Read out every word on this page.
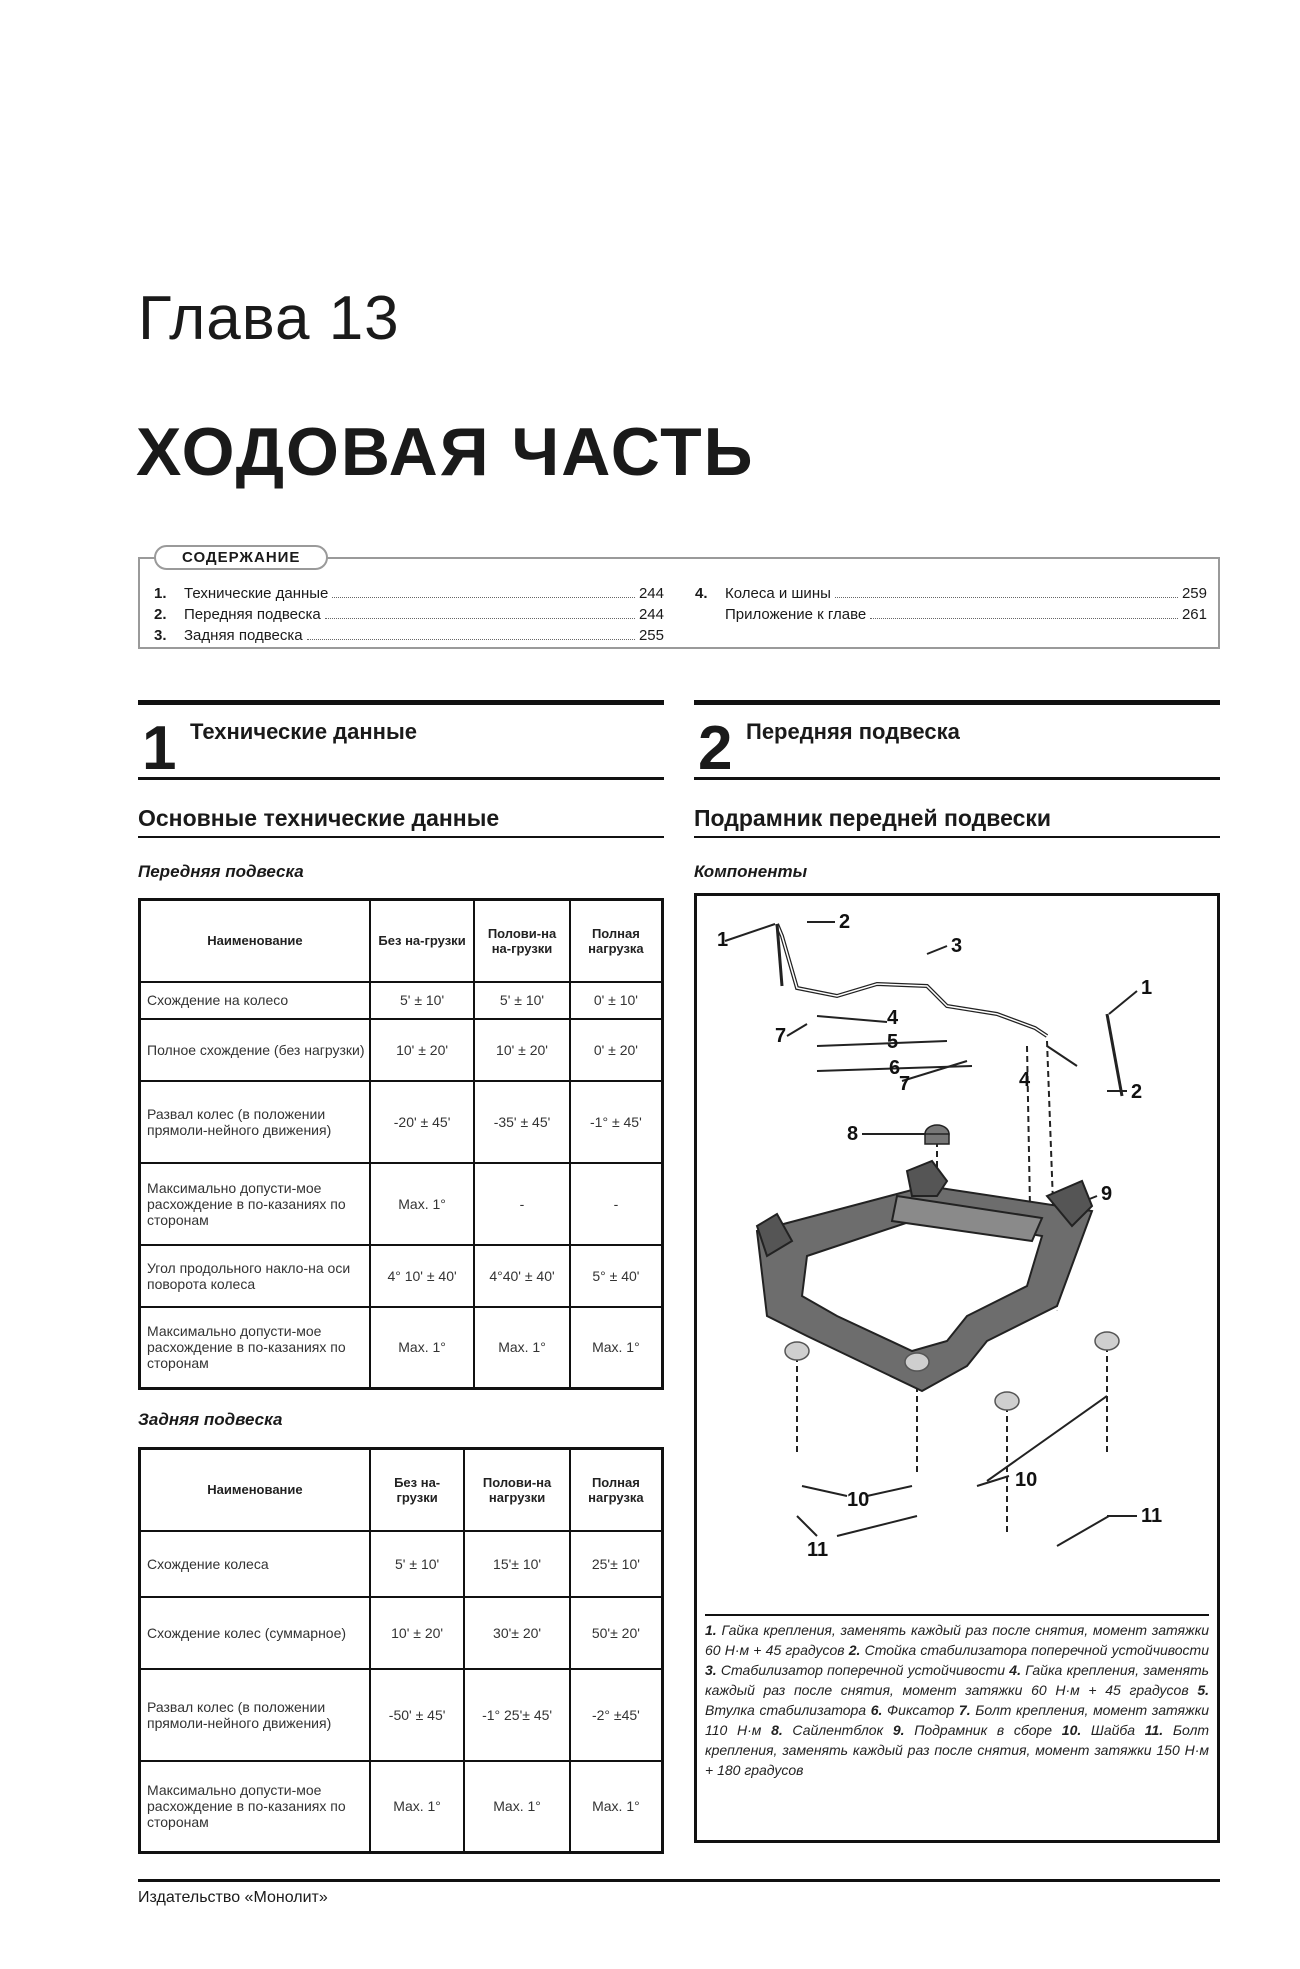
Глава 13
ХОДОВАЯ ЧАСТЬ
СОДЕРЖАНИЕ
1.	Технические данные	244
2.	Передняя подвеска	244
3.	Задняя подвеска	255
4.	Колеса и шины	259
Приложение к главе	261
1 Технические данные
Основные технические данные
Передняя подвеска
Наименование	Без на-грузки	Полови-на на-грузки	Полная нагрузка
Схождение на колесо	5' ± 10'	5' ± 10'	0' ± 10'
Полное схождение (без нагрузки)	10' ± 20'	10' ± 20'	0' ± 20'
Развал колес (в положении прямоли-нейного движения)	-20' ± 45'	-35' ± 45'	-1° ± 45'
Максимально допусти-мое расхождение в по-казаниях по сторонам	Max. 1°	-	-
Угол продольного накло-на оси поворота колеса	4° 10' ± 40'	4°40' ± 40'	5° ± 40'
Максимально допусти-мое расхождение в по-казаниях по сторонам	Max. 1°	Max. 1°	Max. 1°
Задняя подвеска
Наименование	Без на-грузки	Полови-на нагрузки	Полная нагрузка
Схождение колеса	5' ± 10'	15'± 10'	25'± 10'
Схождение колес (суммарное)	10' ± 20'	30'± 20'	50'± 20'
Развал колес (в положении прямоли-нейного движения)	-50' ± 45'	-1° 25'± 45'	-2° ±45'
Максимально допусти-мое расхождение в по-казаниях по сторонам	Max. 1°	Max. 1°	Max. 1°
2 Передняя подвеска
Подрамник передней подвески
Компоненты
1
2
3
1
4
7	5
6
7	4
2
8
9
10
10
11
11
1. Гайка крепления, заменять каждый раз после снятия, момент затяжки 60 Н·м + 45 градусов 2. Стойка стабилизатора поперечной устойчивости 3. Стабилизатор поперечной устойчивости 4. Гайка крепления, заменять каждый раз после снятия, момент затяжки 60 Н·м + 45 градусов 5. Втулка стабилизатора 6. Фиксатор 7. Болт крепления, момент затяжки 110 Н·м 8. Сайлентблок 9. Подрамник в сборе 10. Шайба 11. Болт крепления, заменять каждый раз после снятия, момент затяжки 150 Н·м + 180 градусов
Издательство «Монолит»
